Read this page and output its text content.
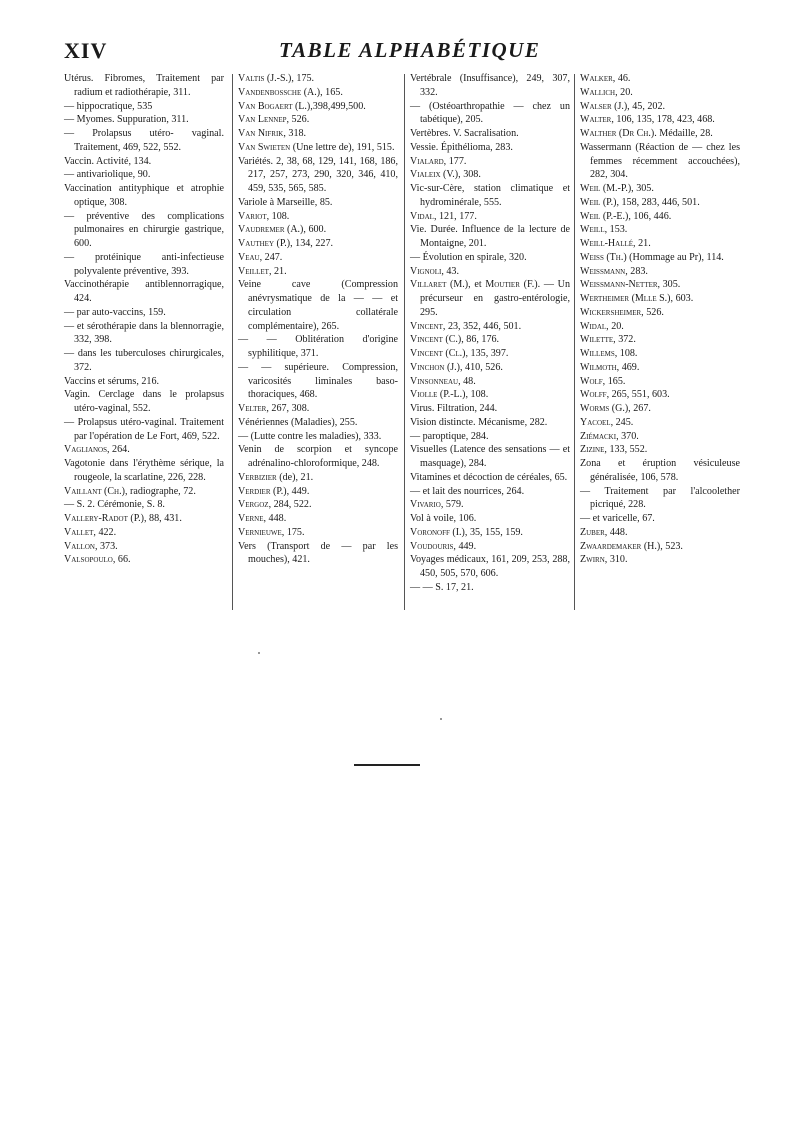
XIV	TABLE ALPHABÉTIQUE
Utérus. Fibromes, Traitement par radium et radiothérapie, 311.
— hippocratique, 535
— Myomes. Suppuration, 311.
— Prolapsus utéro- vaginal. Traitement, 469, 522, 552.
Vaccin. Activité, 134.
— antivariolique, 90.
Vaccination antityphique et atrophie optique, 308.
— préventive des complications pulmonaires en chirurgie gastrique, 600.
— protéinique anti-infectieuse polyvalente préventive, 393.
Vaccinothérapie antiblennorragique, 424.
— par auto-vaccins, 159.
— et sérothérapie dans la blennorragie, 332, 398.
— dans les tuberculoses chirurgicales, 372.
Vaccins et sérums, 216.
Vagin. Cerclage dans le prolapsus utéro-vaginal, 552.
— Prolapsus utéro-vaginal. Traitement par l'opération de Le Fort, 469, 522.
Vaglianos, 264.
Vagotonie dans l'érythème sérique, la rougeole, la scarlatine, 226, 228.
Vaillant (Ch.), radiographe, 72.
— S. 2. Cérémonie, S. 8.
Vallery-Radot (P.), 88, 431.
Vallet, 422.
Vallon, 373.
Valsopoulo, 66.
Valtis (J.-S.), 175.
Vandenbossche (A.), 165.
Van Bogaert (L.),398,499,500.
Van Lennep, 526.
Van Nifrik, 318.
Van Swieten (Une lettre de), 191, 515.
Variétés. 2, 38, 68, 129, 141, 168, 186, 217, 257, 273, 290, 320, 346, 410, 459, 535, 565, 585.
Variole à Marseille, 85.
Variot, 108.
Vaudremer (A.), 600.
Vauthey (P.), 134, 227.
Veau, 247.
Veillet, 21.
Veine cave (Compression anévrysmatique de la — — et circulation collatérale complémentaire), 265.
— — Oblitération d'origine syphilitique, 371.
— — supérieure. Compression, varicosités liminales baso-thoraciques, 468.
Velter, 267, 308.
Vénériennes (Maladies), 255.
— (Lutte contre les maladies), 333.
Venin de scorpion et syncope adrénalino-chloroformique, 248.
Verbizier (de), 21.
Verdier (P.), 449.
Vergoz, 284, 522.
Verne, 448.
Vernieuwe, 175.
Vers (Transport de — par les mouches), 421.
Vertébrale (Insuffisance), 249, 307, 332.
— (Ostéoarthropathie — chez un tabétique), 205.
Vertèbres. V. Sacralisation.
Vessie. Épithélioma, 283.
Vialard, 177.
Vialeix (V.), 308.
Vic-sur-Cère, station climatique et hydrominérale, 555.
Vidal, 121, 177.
Vie. Durée. Influence de la lecture de Montaigne, 201.
— Évolution en spirale, 320.
Vignoli, 43.
Villaret (M.), et Moutier (F.). — Un précurseur en gastro-entérologie, 295.
Vincent, 23, 352, 446, 501.
Vincent (C.), 86, 176.
Vincent (Cl.), 135, 397.
Vinchon (J.), 410, 526.
Vinsonneau, 48.
Violle (P.-L.), 108.
Virus. Filtration, 244.
Vision distincte. Mécanisme, 282.
— paroptique, 284.
Visuelles (Latence des sensations — et masquage), 284.
Vitamines et décoction de céréales, 65.
— et lait des nourrices, 264.
Vivario, 579.
Vol à voile, 106.
Voronoff (I.), 35, 155, 159.
Voudouris, 449.
Voyages médicaux, 161, 209, 253, 288, 450, 505, 570, 606.
— — S. 17, 21.
Walker, 46.
Wallich, 20.
Walser (J.), 45, 202.
Walter, 106, 135, 178, 423, 468.
Walther (Dr Ch.). Médaille, 28.
Wassermann (Réaction de — chez les femmes récemment accouchées), 282, 304.
Weil (M.-P.), 305.
Weil (P.), 158, 283, 446, 501.
Weil (P.-E.), 106, 446.
Weill, 153.
Weill-Hallé, 21.
Weiss (Th.) (Hommage au Pr), 114.
Weissmann, 283.
Weissmann-Netter, 305.
Wertheimer (Mlle S.), 603.
Wickersheimer, 526.
Widal, 20.
Wilette, 372.
Willems, 108.
Wilmoth, 469.
Wolf, 165.
Wolff, 265, 551, 603.
Worms (G.), 267.
Yacoel, 245.
Ziémacki, 370.
Zizine, 133, 552.
Zona et éruption vésiculeuse généralisée, 106, 578.
— Traitement par l'alcoolether picriqué, 228.
— et varicelle, 67.
Zuber, 448.
Zwaardemaker (H.), 523.
Zwirn, 310.
